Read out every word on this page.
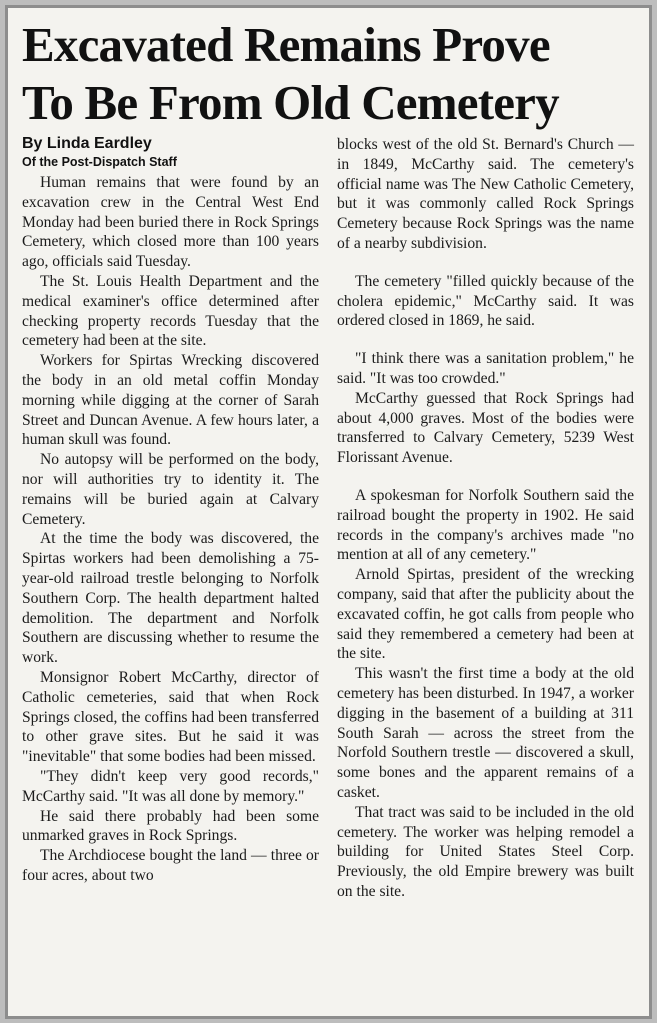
Excavated Remains Prove
To Be From Old Cemetery

By Linda Eardley

Of the Post-Dispatch Staff

Human remains that were found by an excavation crew in the Central West End Monday had been buried there in Rock Springs Cemetery, which closed more than 100 years ago, officials said Tuesday.

The St. Louis Health Department and the medical examiner's office determined after checking property records Tuesday that the cemetery had been at the site.

Workers for Spirtas Wrecking discovered the body in an old metal coffin Monday morning while digging at the corner of Sarah Street and Duncan Avenue. A few hours later, a human skull was found.

No autopsy will be performed on the body, nor will authorities try to identity it. The remains will be buried again at Calvary Cemetery.

At the time the body was discovered, the Spirtas workers had been demolishing a 75-year-old railroad trestle belonging to Norfolk Southern Corp. The health department halted demolition. The department and Norfolk Southern are discussing whether to resume the work.

Monsignor Robert McCarthy, director of Catholic cemeteries, said that when Rock Springs closed, the coffins had been transferred to other grave sites. But he said it was "inevitable" that some bodies had been missed.

"They didn't keep very good records," McCarthy said. "It was all done by memory."

He said there probably had been some unmarked graves in Rock Springs.

The Archdiocese bought the land — three or four acres, about two

blocks west of the old St. Bernard's Church — in 1849, McCarthy said. The cemetery's official name was The New Catholic Cemetery, but it was commonly called Rock Springs Cemetery because Rock Springs was the name of a nearby subdivision.

The cemetery "filled quickly because of the cholera epidemic," McCarthy said. It was ordered closed in 1869, he said.

"I think there was a sanitation problem," he said. "It was too crowded."

McCarthy guessed that Rock Springs had about 4,000 graves. Most of the bodies were transferred to Calvary Cemetery, 5239 West Florissant Avenue.

A spokesman for Norfolk Southern said the railroad bought the property in 1902. He said records in the company's archives made "no mention at all of any cemetery."

Arnold Spirtas, president of the wrecking company, said that after the publicity about the excavated coffin, he got calls from people who said they remembered a cemetery had been at the site.

This wasn't the first time a body at the old cemetery has been disturbed. In 1947, a worker digging in the basement of a building at 311 South Sarah — across the street from the Norfold Southern trestle — discovered a skull, some bones and the apparent remains of a casket.

That tract was said to be included in the old cemetery. The worker was helping remodel a building for United States Steel Corp. Previously, the old Empire brewery was built on the site.
